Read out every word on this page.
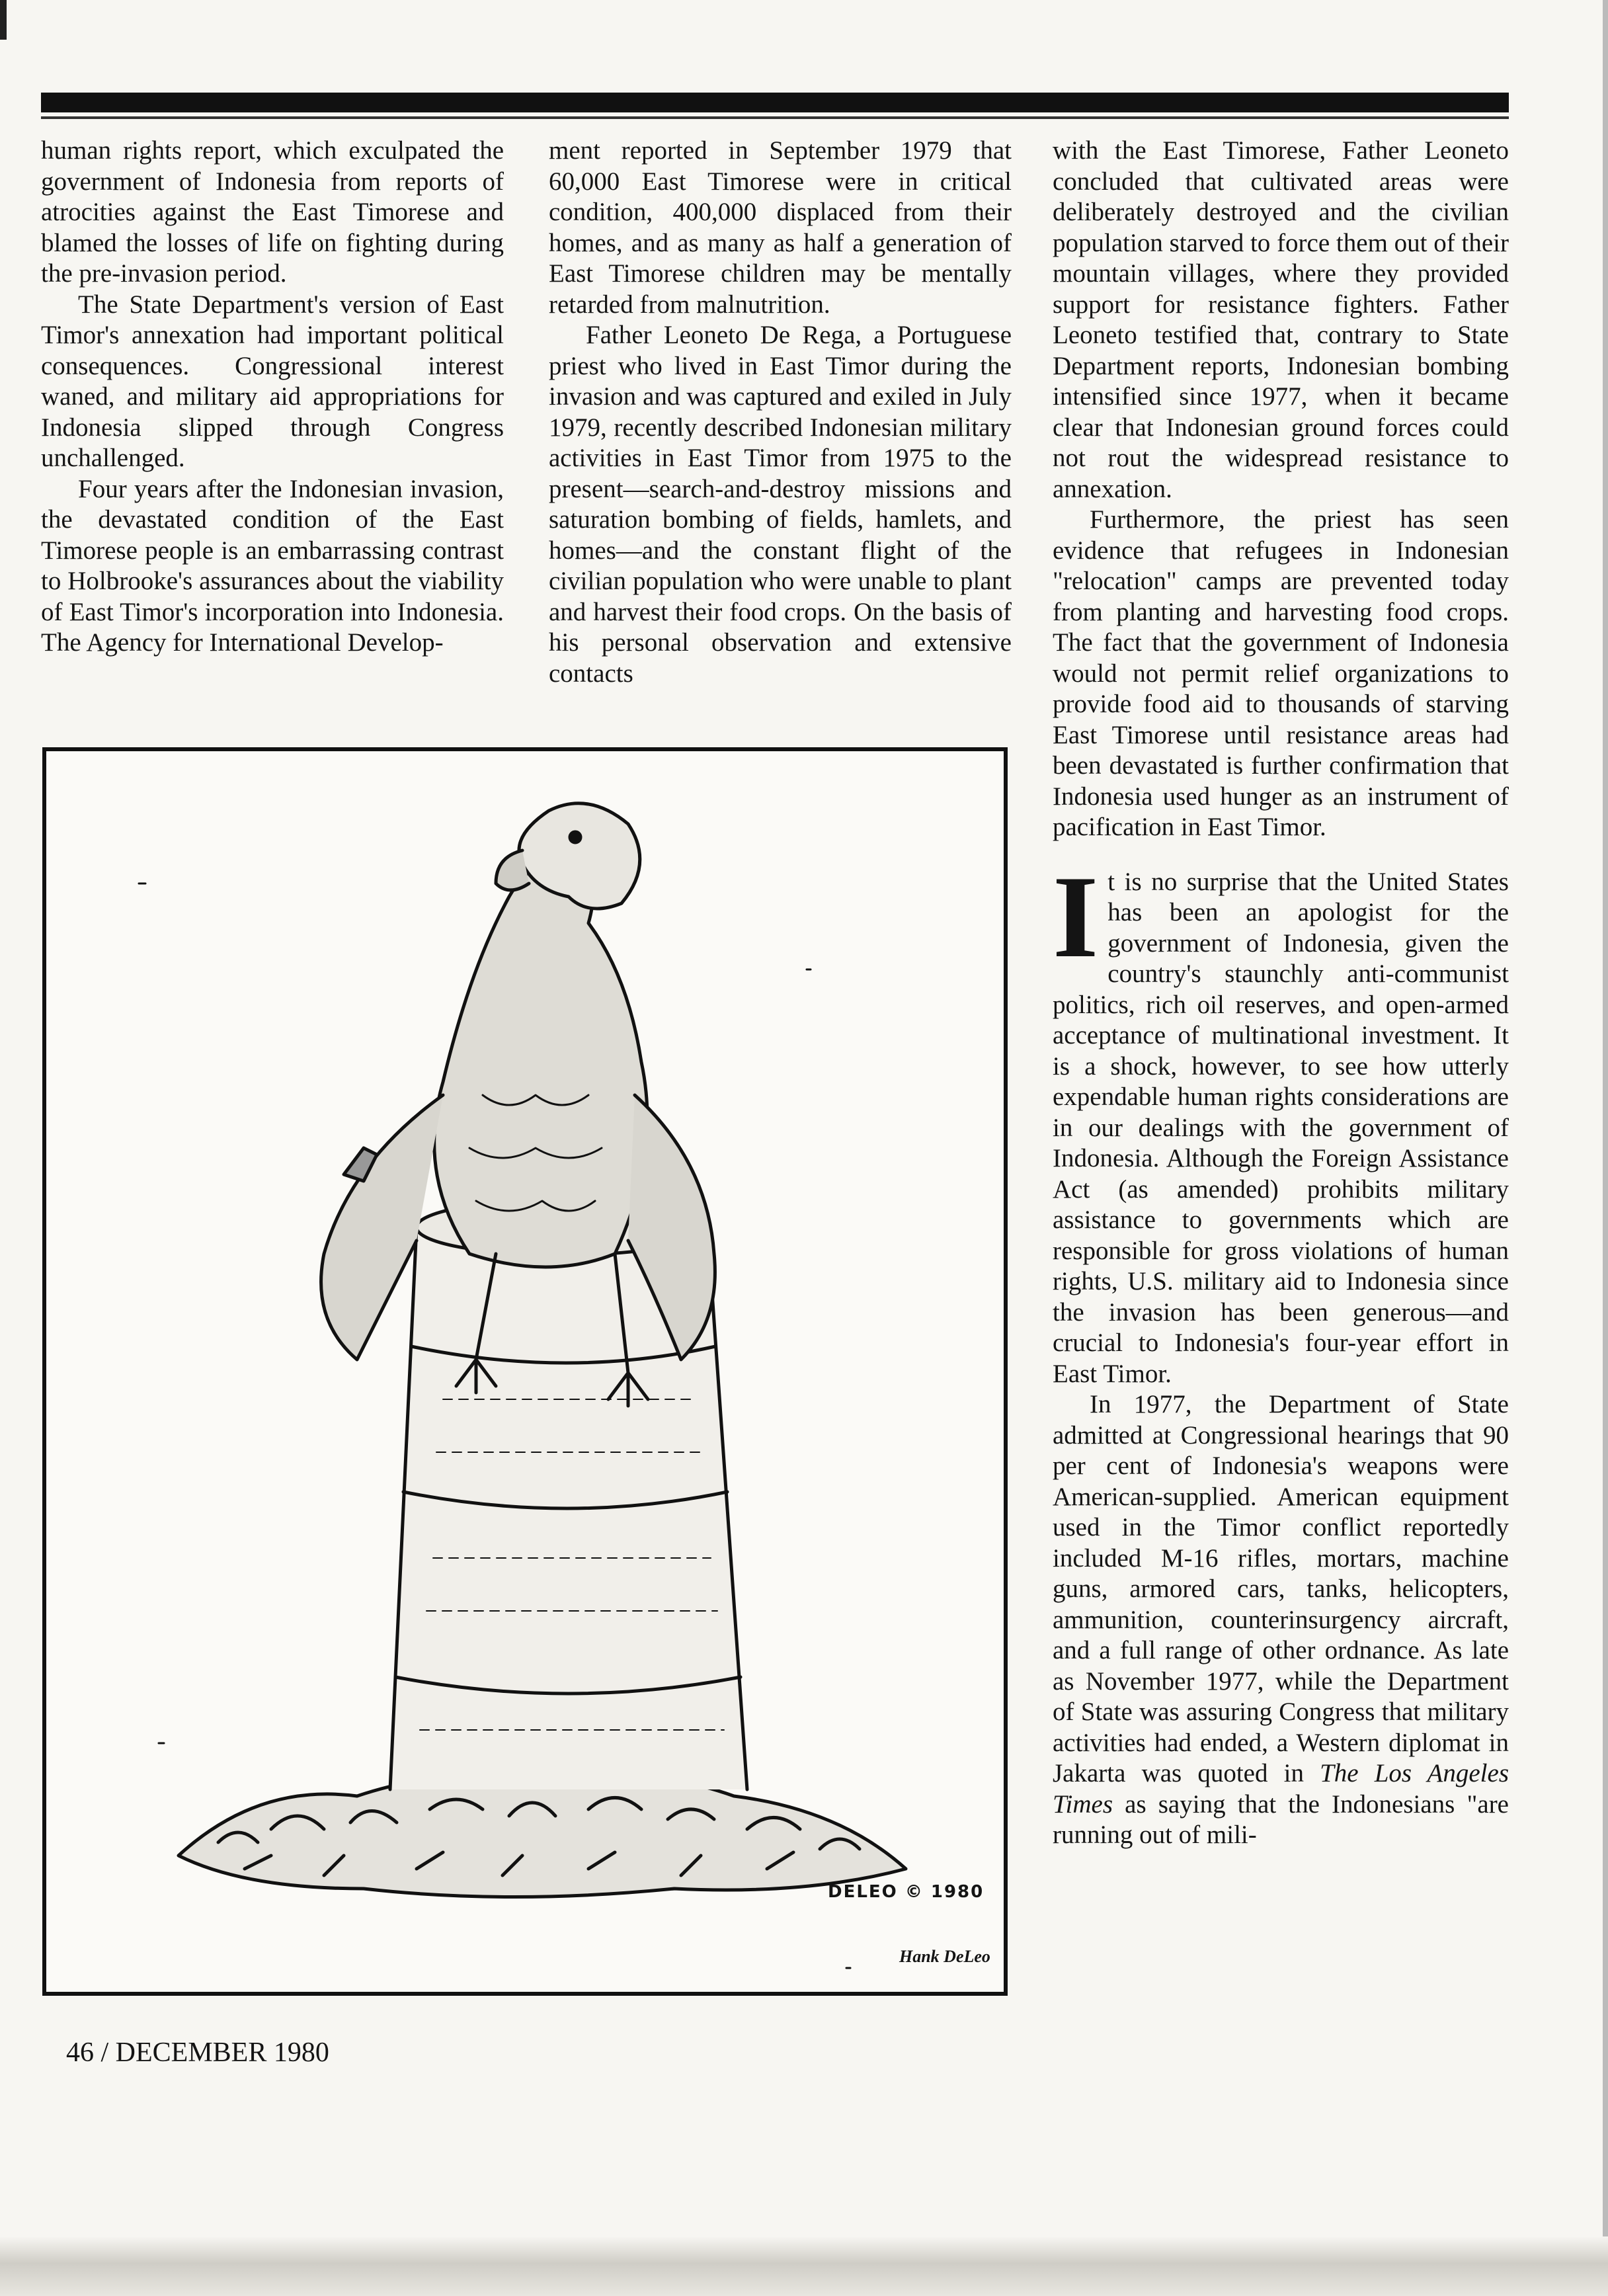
human rights report, which exculpated the government of Indonesia from reports of atrocities against the East Timorese and blamed the losses of life on fighting during the pre-invasion period.

The State Department's version of East Timor's annexation had important political consequences. Congressional interest waned, and military aid appropriations for Indonesia slipped through Congress unchallenged.

Four years after the Indonesian invasion, the devastated condition of the East Timorese people is an embarrassing contrast to Holbrooke's assurances about the viability of East Timor's incorporation into Indonesia. The Agency for International Develop-

ment reported in September 1979 that 60,000 East Timorese were in critical condition, 400,000 displaced from their homes, and as many as half a generation of East Timorese children may be mentally retarded from malnutrition.

Father Leoneto De Rega, a Portuguese priest who lived in East Timor during the invasion and was captured and exiled in July 1979, recently described Indonesian military activities in East Timor from 1975 to the present—search-and-destroy missions and saturation bombing of fields, hamlets, and homes—and the constant flight of the civilian population who were unable to plant and harvest their food crops. On the basis of his personal observation and extensive contacts

with the East Timorese, Father Leoneto concluded that cultivated areas were deliberately destroyed and the civilian population starved to force them out of their mountain villages, where they provided support for resistance fighters. Father Leoneto testified that, contrary to State Department reports, Indonesian bombing intensified since 1977, when it became clear that Indonesian ground forces could not rout the widespread resistance to annexation.

Furthermore, the priest has seen evidence that refugees in Indonesian "relocation" camps are prevented today from planting and harvesting food crops. The fact that the government of Indonesia would not permit relief organizations to provide food aid to thousands of starving East Timorese until resistance areas had been devastated is further confirmation that Indonesia used hunger as an instrument of pacification in East Timor.

It is no surprise that the United States has been an apologist for the government of Indonesia, given the country's staunchly anti-communist politics, rich oil reserves, and open-armed acceptance of multinational investment. It is a shock, however, to see how utterly expendable human rights considerations are in our dealings with the government of Indonesia. Although the Foreign Assistance Act (as amended) prohibits military assistance to governments which are responsible for gross violations of human rights, U.S. military aid to Indonesia since the invasion has been generous—and crucial to Indonesia's four-year effort in East Timor.

In 1977, the Department of State admitted at Congressional hearings that 90 per cent of Indonesia's weapons were American-supplied. American equipment used in the Timor conflict reportedly included M-16 rifles, mortars, machine guns, armored cars, tanks, helicopters, ammunition, counterinsurgency aircraft, and a full range of other ordnance. As late as November 1977, while the Department of State was assuring Congress that military activities had ended, a Western diplomat in Jakarta was quoted in The Los Angeles Times as saying that the Indonesians "are running out of mili-

DELEO © 1980
Hank DeLeo
46 / DECEMBER 1980
